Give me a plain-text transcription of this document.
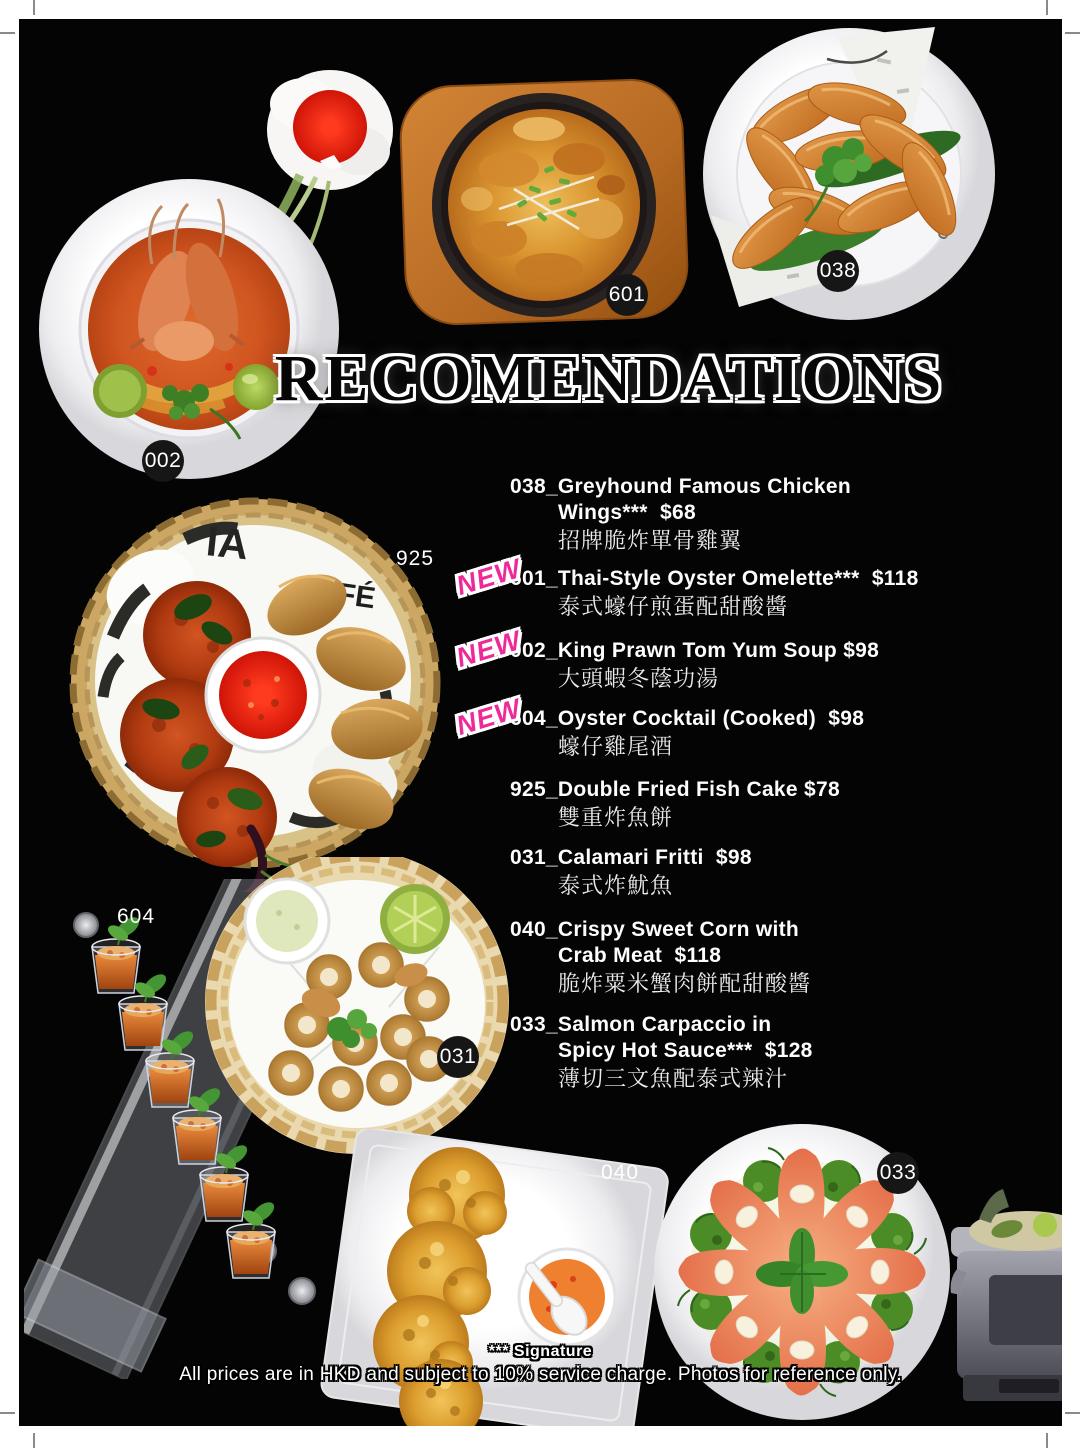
IA
RECOMENDATIONS
002
601
038
031
033
925
604
040
038_Greyhound Famous Chicken
Wings***  $68
招牌脆炸單骨雞翼
NEW
601_Thai-Style Oyster Omelette***  $118
泰式蠔仔煎蛋配甜酸醬
NEW
002_King Prawn Tom Yum Soup $98
大頭蝦冬蔭功湯
NEW
604_Oyster Cocktail (Cooked)  $98
蠔仔雞尾酒
925_Double Fried Fish Cake $78
雙重炸魚餅
031_Calamari Fritti  $98
泰式炸魷魚
040_Crispy Sweet Corn with
Crab Meat  $118
脆炸粟米蟹肉餅配甜酸醬
033_Salmon Carpaccio in
Spicy Hot Sauce***  $128
薄切三文魚配泰式辣汁
*** Signature
All prices are in HKD and subject to 10% service charge. Photos for reference only.
